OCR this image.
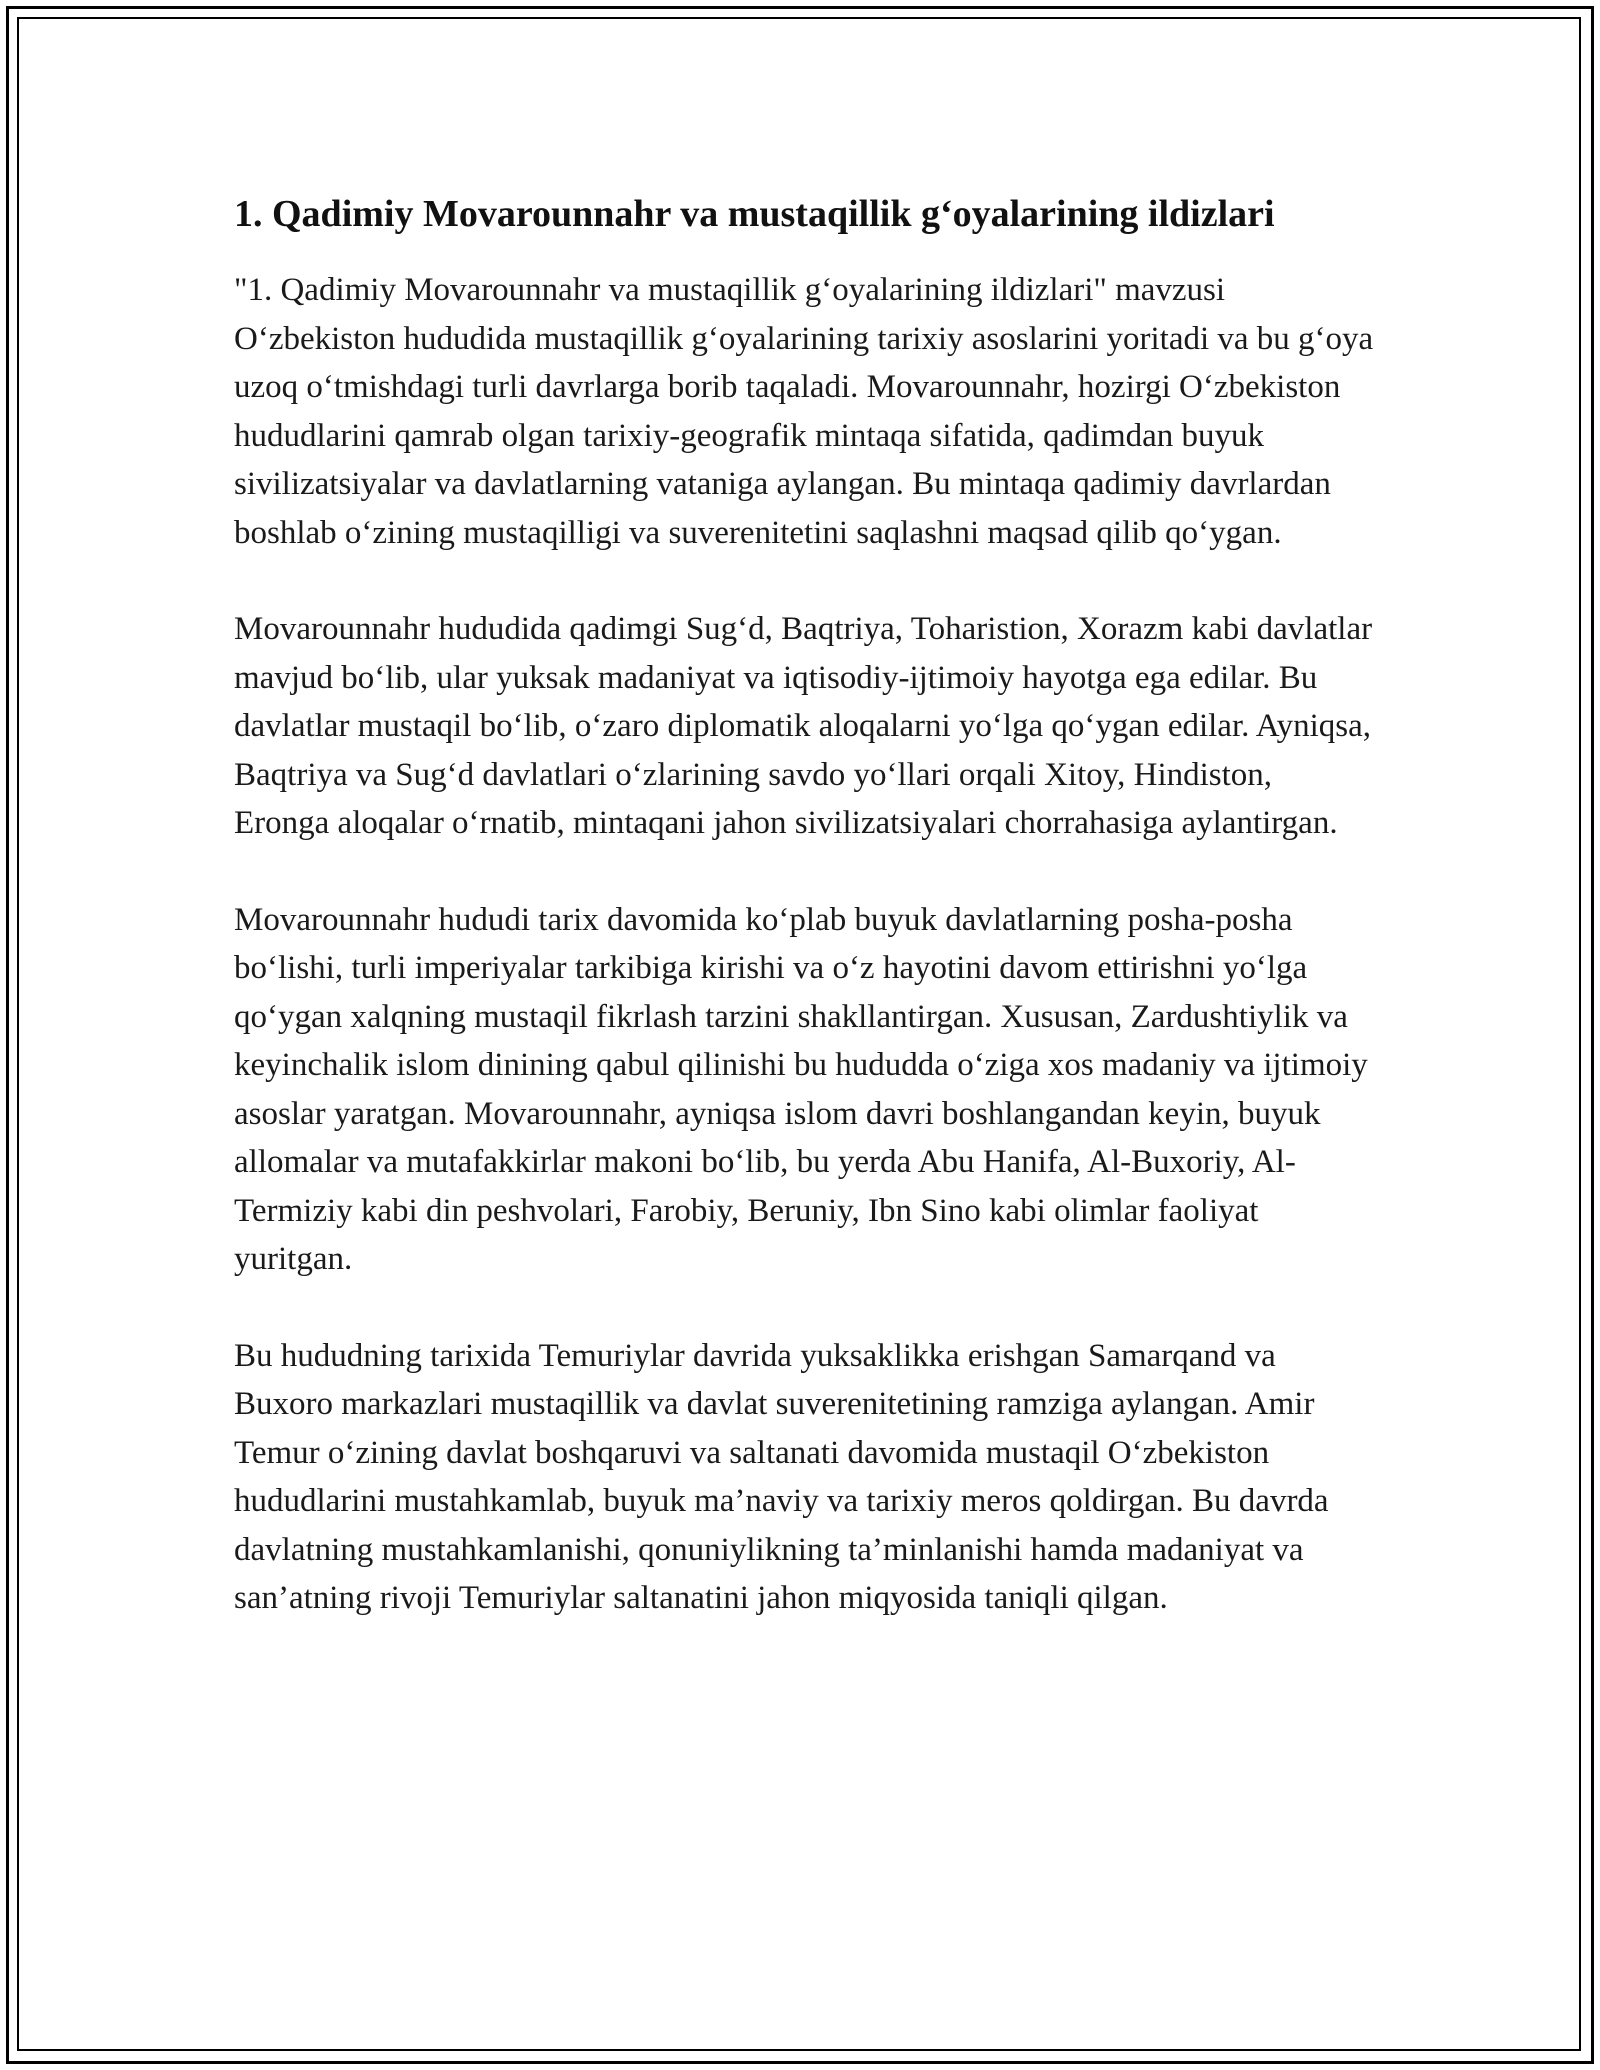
1. Qadimiy Movarounnahr va mustaqillik g‘oyalarining ildizlari

"1. Qadimiy Movarounnahr va mustaqillik g‘oyalarining ildizlari" mavzusi O‘zbekiston hududida mustaqillik g‘oyalarining tarixiy asoslarini yoritadi va bu g‘oya uzoq o‘tmishdagi turli davrlarga borib taqaladi. Movarounnahr, hozirgi O‘zbekiston hududlarini qamrab olgan tarixiy-geografik mintaqa sifatida, qadimdan buyuk sivilizatsiyalar va davlatlarning vataniga aylangan. Bu mintaqa qadimiy davrlardan boshlab o‘zining mustaqilligi va suverenitetini saqlashni maqsad qilib qo‘ygan.

Movarounnahr hududida qadimgi Sug‘d, Baqtriya, Toharistion, Xorazm kabi davlatlar mavjud bo‘lib, ular yuksak madaniyat va iqtisodiy-ijtimoiy hayotga ega edilar. Bu davlatlar mustaqil bo‘lib, o‘zaro diplomatik aloqalarni yo‘lga qo‘ygan edilar. Ayniqsa, Baqtriya va Sug‘d davlatlari o‘zlarining savdo yo‘llari orqali Xitoy, Hindiston, Eronga aloqalar o‘rnatib, mintaqani jahon sivilizatsiyalari chorrahasiga aylantirgan.

Movarounnahr hududi tarix davomida ko‘plab buyuk davlatlarning posha-posha bo‘lishi, turli imperiyalar tarkibiga kirishi va o‘z hayotini davom ettirishni yo‘lga qo‘ygan xalqning mustaqil fikrlash tarzini shakllantirgan. Xususan, Zardushtiylik va keyinchalik islom dinining qabul qilinishi bu hududda o‘ziga xos madaniy va ijtimoiy asoslar yaratgan. Movarounnahr, ayniqsa islom davri boshlangandan keyin, buyuk allomalar va mutafakkirlar makoni bo‘lib, bu yerda Abu Hanifa, Al-Buxoriy, Al-Termiziy kabi din peshvolari, Farobiy, Beruniy, Ibn Sino kabi olimlar faoliyat yuritgan.

Bu hududning tarixida Temuriylar davrida yuksaklikka erishgan Samarqand va Buxoro markazlari mustaqillik va davlat suverenitetining ramziga aylangan. Amir Temur o‘zining davlat boshqaruvi va saltanati davomida mustaqil O‘zbekiston hududlarini mustahkamlab, buyuk ma’naviy va tarixiy meros qoldirgan. Bu davrda davlatning mustahkamlanishi, qonuniylikning ta’minlanishi hamda madaniyat va san’atning rivoji Temuriylar saltanatini jahon miqyosida taniqli qilgan.
